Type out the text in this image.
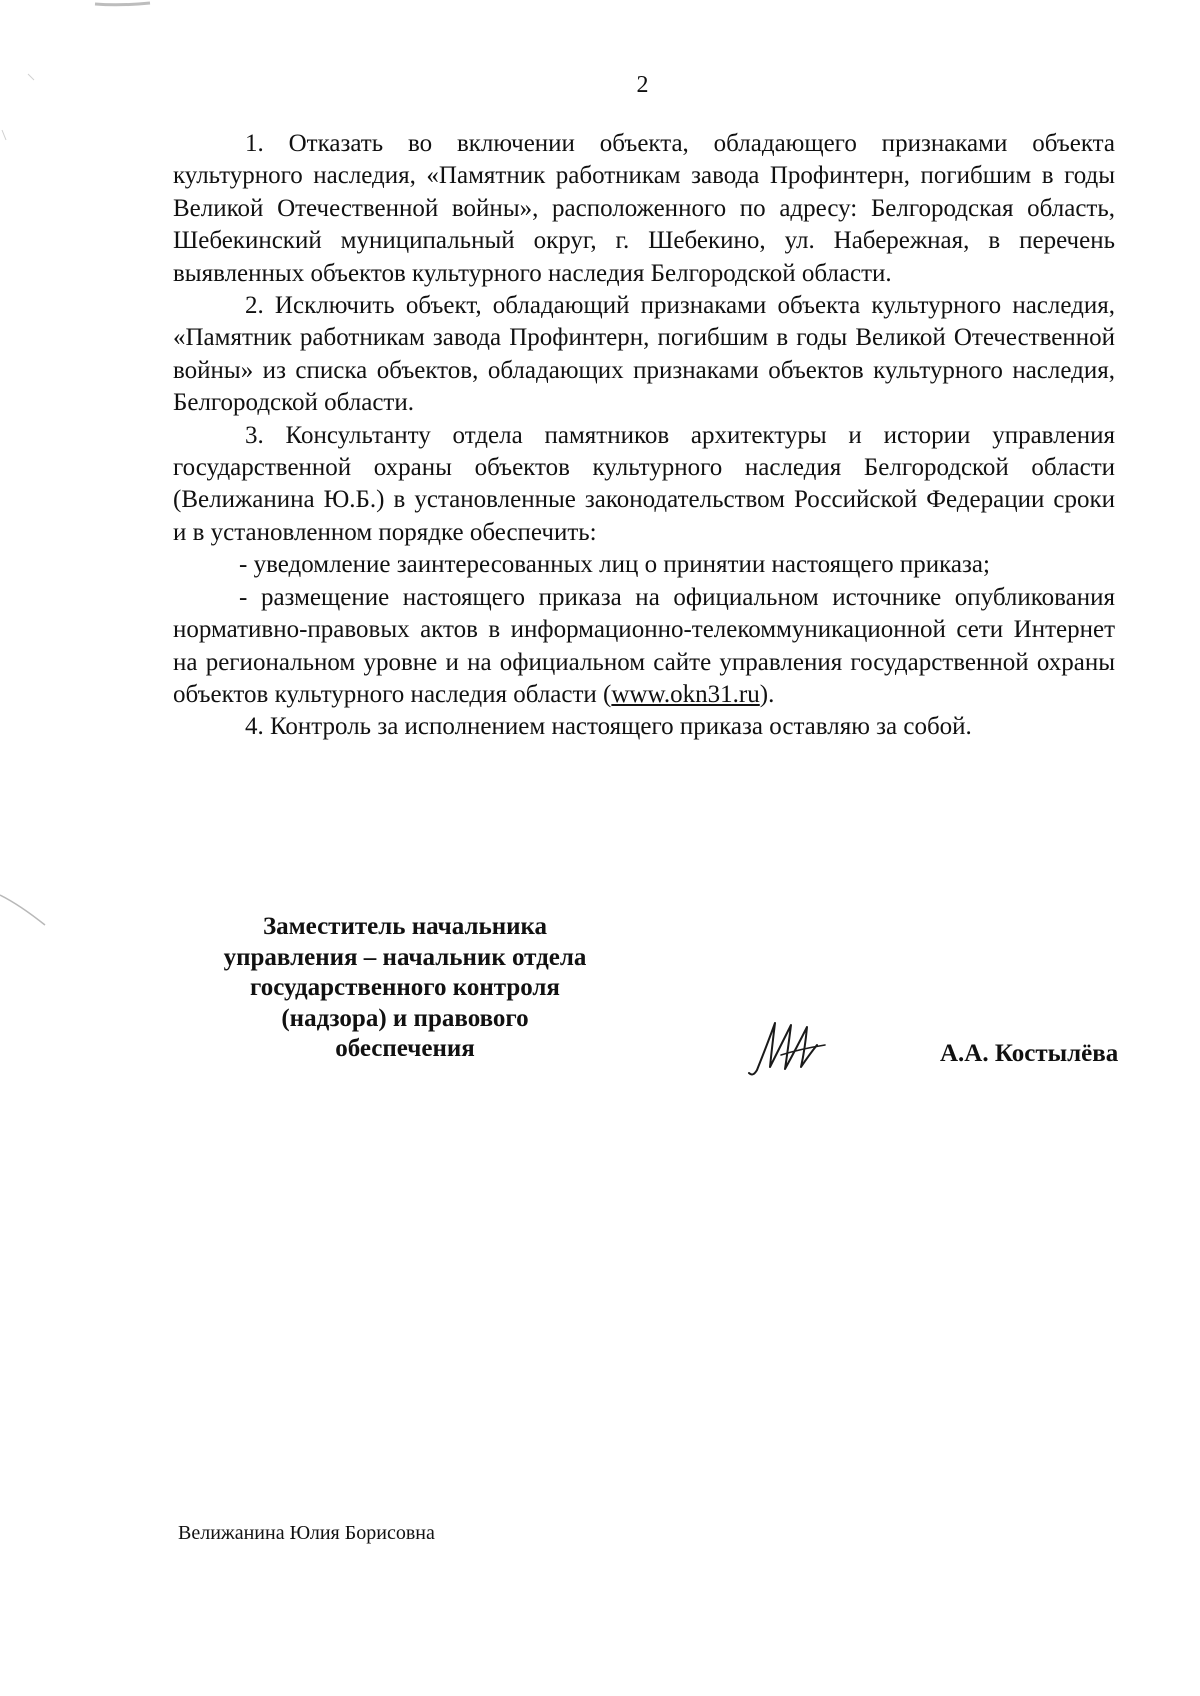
2

1. Отказать во включении объекта, обладающего признаками объекта культурного наследия, «Памятник работникам завода Профинтерн, погибшим в годы Великой Отечественной войны», расположенного по адресу: Белгородская область, Шебекинский муниципальный округ, г. Шебекино, ул. Набережная, в перечень выявленных объектов культурного наследия Белгородской области.

2. Исключить объект, обладающий признаками объекта культурного наследия, «Памятник работникам завода Профинтерн, погибшим в годы Великой Отечественной войны» из списка объектов, обладающих признаками объектов культурного наследия, Белгородской области.

3. Консультанту отдела памятников архитектуры и истории управления государственной охраны объектов культурного наследия Белгородской области (Велижанина Ю.Б.) в установленные законодательством Российской Федерации сроки и в установленном порядке обеспечить:

- уведомление заинтересованных лиц о принятии настоящего приказа;

- размещение настоящего приказа на официальном источнике опубликования нормативно-правовых актов в информационно-телекоммуникационной сети Интернет на региональном уровне и на официальном сайте управления государственной охраны объектов культурного наследия области (www.okn31.ru).

4. Контроль за исполнением настоящего приказа оставляю за собой.

Заместитель начальника
управления – начальник отдела
государственного контроля
(надзора) и правового
обеспечения	А.А. Костылёва
Велижанина Юлия Борисовна
